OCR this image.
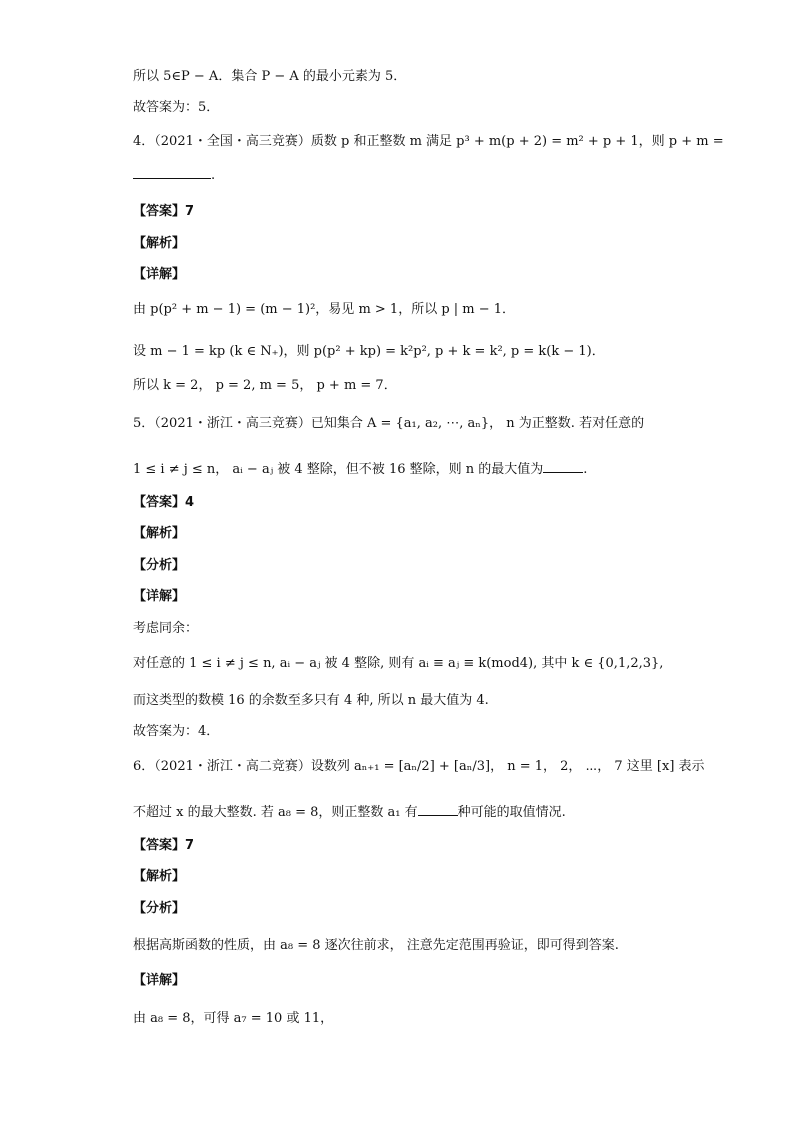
所以 5∈P − A．集合 P − A 的最小元素为 5．
故答案为：5．
4．（2021・全国・高三竞赛）质数 p 和正整数 m 满足 p³ + m(p + 2) = m² + p + 1，则 p + m =
.
【答案】7
【解析】
【详解】
由 p(p² + m − 1) = (m − 1)²，易见 m > 1，所以 p | m − 1．
设 m − 1 = kp (k ∈ N₊)，则 p(p² + kp) = k²p², p + k = k², p = k(k − 1)．
所以 k = 2， p = 2, m = 5， p + m = 7．
5．（2021・浙江・高三竞赛）已知集合 A = {a₁, a₂, ⋯, aₙ}， n 为正整数. 若对任意的
1 ≤ i ≠ j ≤ n， aᵢ − aⱼ 被 4 整除，但不被 16 整除，则 n 的最大值为	.
【答案】4
【解析】
【分析】
【详解】
考虑同余：
对任意的 1 ≤ i ≠ j ≤ n, aᵢ − aⱼ 被 4 整除, 则有 aᵢ ≡ aⱼ ≡ k(mod4), 其中 k ∈ {0,1,2,3},
而这类型的数模 16 的余数至多只有 4 种, 所以 n 最大值为 4.
故答案为：4．
6．（2021・浙江・高二竞赛）设数列 aₙ₊₁ = [aₙ/2] + [aₙ/3]， n = 1， 2， ⋯， 7 这里 [x] 表示
不超过 x 的最大整数. 若 a₈ = 8，则正整数 a₁ 有	种可能的取值情况.
【答案】7
【解析】
【分析】
根据高斯函数的性质，由 a₈ = 8 逐次往前求， 注意先定范围再验证，即可得到答案.
【详解】
由 a₈ = 8，可得 a₇ = 10 或 11，
